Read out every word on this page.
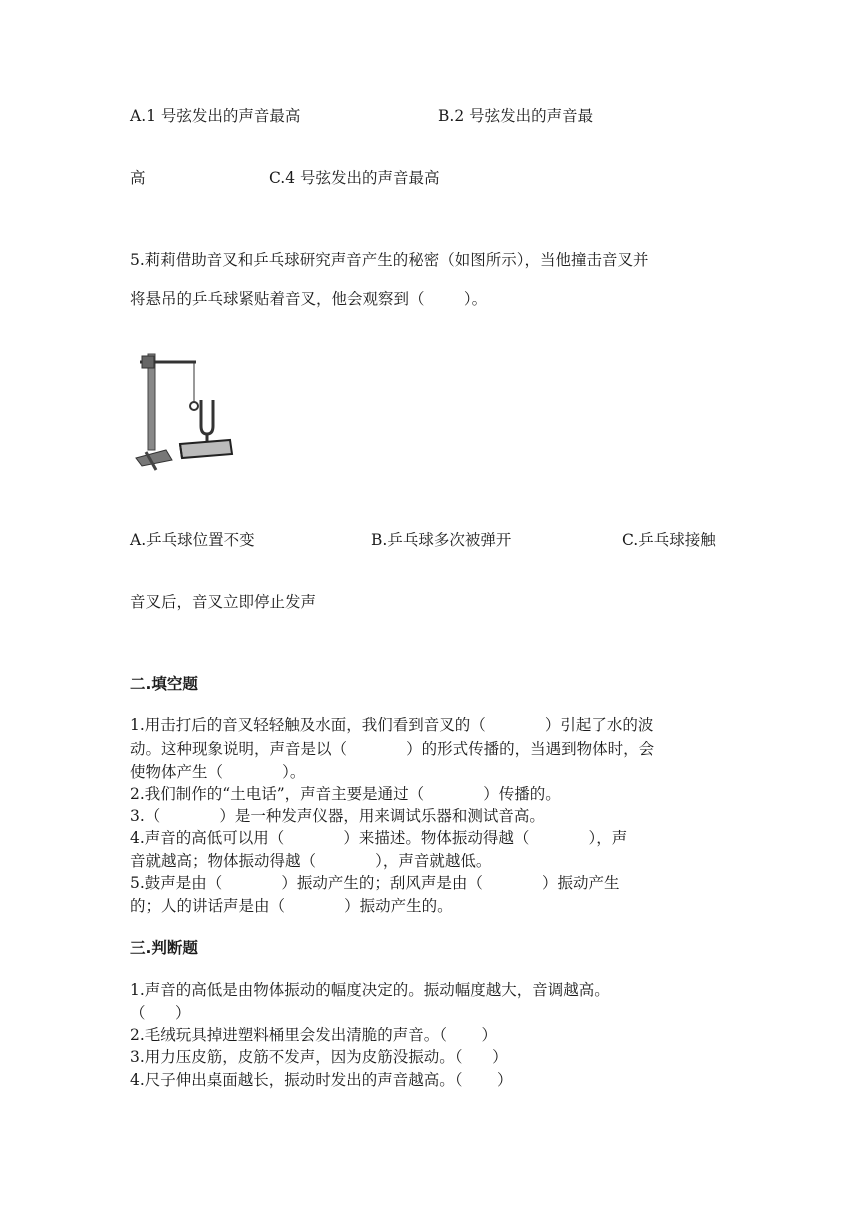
A.1 号弦发出的声音最高	B.2 号弦发出的声音最
高	C.4 号弦发出的声音最高
5.莉莉借助音叉和乒乓球研究声音产生的秘密（如图所示），当他撞击音叉并
将悬吊的乒乓球紧贴着音叉，他会观察到（        ）。
A.乒乓球位置不变	B.乒乓球多次被弹开	C.乒乓球接触
音叉后，音叉立即停止发声
二.填空题
1.用击打后的音叉轻轻触及水面，我们看到音叉的（            ）引起了水的波
动。这种现象说明，声音是以（            ）的形式传播的，当遇到物体时，会
使物体产生（            ）。
2.我们制作的“土电话”，声音主要是通过（            ）传播的。
3.（            ）是一种发声仪器，用来调试乐器和测试音高。
4.声音的高低可以用（            ）来描述。物体振动得越（            ），声
音就越高；物体振动得越（            ），声音就越低。
5.鼓声是由（            ）振动产生的；刮风声是由（            ）振动产生
的；人的讲话声是由（            ）振动产生的。
三.判断题
1.声音的高低是由物体振动的幅度决定的。振动幅度越大，音调越高。
（      ）
2.毛绒玩具掉进塑料桶里会发出清脆的声音。（       ）
3.用力压皮筋，皮筋不发声，因为皮筋没振动。（      ）
4.尺子伸出桌面越长，振动时发出的声音越高。（       ）
